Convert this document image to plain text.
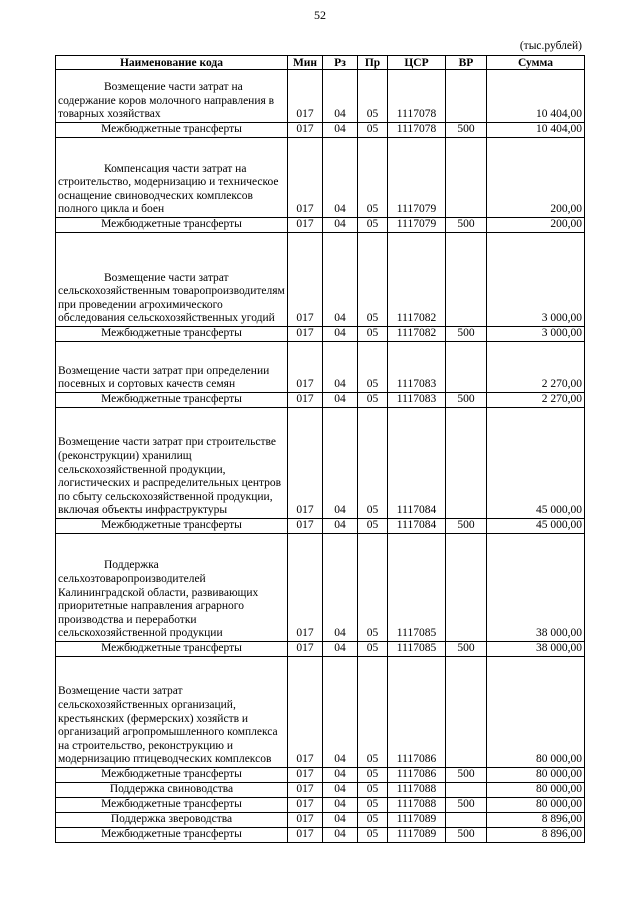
52
(тыс.рублей)
Наименование кода	Мин	Рз	Пр	ЦСР	ВР	Сумма
Возмещение части затрат на содержание коров молочного направления в товарных хозяйствах	017	04	05	1117078		10 404,00
Межбюджетные трансферты	017	04	05	1117078	500	10 404,00
Компенсация части затрат на строительство, модернизацию и техническое оснащение свиноводческих комплексов полного цикла и боен	017	04	05	1117079		200,00
Межбюджетные трансферты	017	04	05	1117079	500	200,00
Возмещение части затрат сельскохозяйственным товаропроизводителям при проведении агрохимического обследования сельскохозяйственных угодий	017	04	05	1117082		3 000,00
Межбюджетные трансферты	017	04	05	1117082	500	3 000,00
Возмещение части затрат при определении посевных и сортовых качеств семян	017	04	05	1117083		2 270,00
Межбюджетные трансферты	017	04	05	1117083	500	2 270,00
Возмещение части затрат при строительстве (реконструкции) хранилищ сельскохозяйственной продукции, логистических и распределительных центров по сбыту сельскохозяйственной продукции, включая объекты инфраструктуры	017	04	05	1117084		45 000,00
Межбюджетные трансферты	017	04	05	1117084	500	45 000,00
Поддержка сельхозтоваропроизводителей Калининградской области, развивающих приоритетные направления аграрного производства и переработки сельскохозяйственной продукции	017	04	05	1117085		38 000,00
Межбюджетные трансферты	017	04	05	1117085	500	38 000,00
Возмещение части затрат сельскохозяйственных организаций, крестьянских (фермерских) хозяйств и организаций агропромышленного комплекса на строительство, реконструкцию и модернизацию птицеводческих комплексов	017	04	05	1117086		80 000,00
Межбюджетные трансферты	017	04	05	1117086	500	80 000,00
Поддержка свиноводства	017	04	05	1117088		80 000,00
Межбюджетные трансферты	017	04	05	1117088	500	80 000,00
Поддержка звероводства	017	04	05	1117089		8 896,00
Межбюджетные трансферты	017	04	05	1117089	500	8 896,00
